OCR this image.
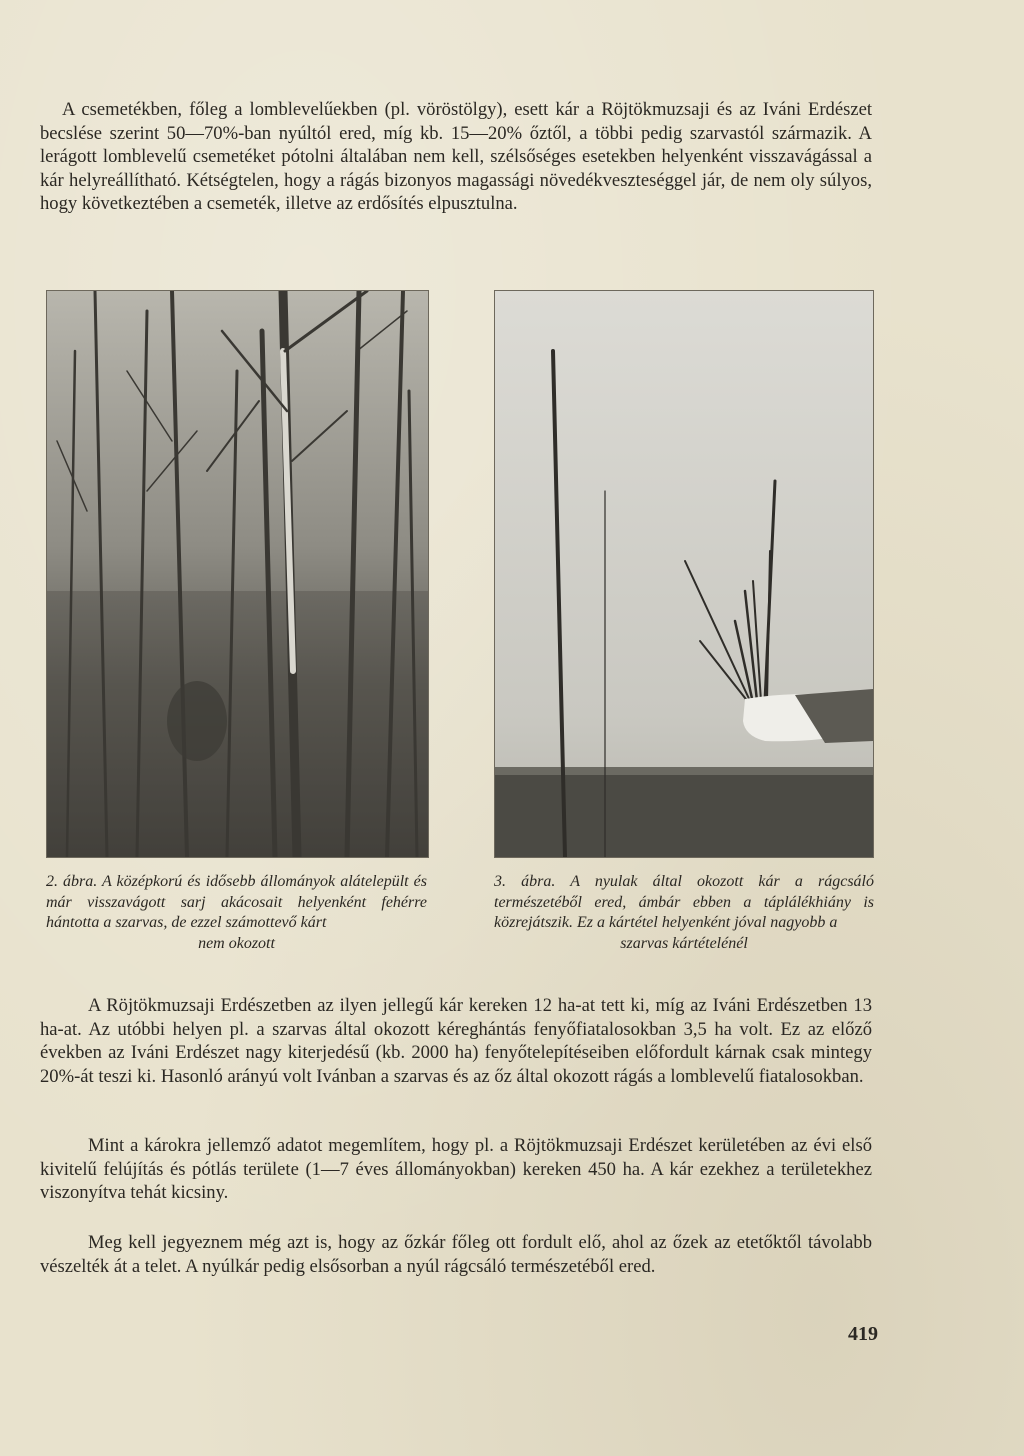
A csemetékben, főleg a lomblevelűekben (pl. vöröstölgy), esett kár a Röjtökmuzsaji és az Iváni Erdészet becslése szerint 50—70%-ban nyúltól ered, míg kb. 15—20% őztől, a többi pedig szarvastól származik. A lerágott lomblevelű csemetéket pótolni általában nem kell, szélsőséges esetekben helyenként visszavágással a kár helyreállítható. Kétségtelen, hogy a rágás bizonyos magassági növedékveszteséggel jár, de nem oly súlyos, hogy következtében a csemeték, illetve az erdősítés elpusztulna.

2. ábra. A középkorú és idősebb állományok alátelepült és már visszavágott sarj akácosait helyenként fehérre hántotta a szarvas, de ezzel számottevő kárt
nem okozott

3. ábra. A nyulak által okozott kár a rágcsáló természetéből ered, ámbár ebben a táplálékhiány is közrejátszik. Ez a kártétel helyenként jóval nagyobb a
szarvas kártételénél

A Röjtökmuzsaji Erdészetben az ilyen jellegű kár kereken 12 ha-at tett ki, míg az Iváni Erdészetben 13 ha-at. Az utóbbi helyen pl. a szarvas által okozott kéreghántás fenyőfiatalosokban 3,5 ha volt. Ez az előző években az Iváni Erdészet nagy kiterjedésű (kb. 2000 ha) fenyőtelepítéseiben előfordult kárnak csak mintegy 20%-át teszi ki. Hasonló arányú volt Ivánban a szarvas és az őz által okozott rágás a lomblevelű fiatalosokban.

Mint a károkra jellemző adatot megemlítem, hogy pl. a Röjtökmuzsaji Erdészet kerületében az évi első kivitelű felújítás és pótlás területe (1—7 éves állományokban) kereken 450 ha. A kár ezekhez a területekhez viszonyítva tehát kicsiny.

Meg kell jegyeznem még azt is, hogy az őzkár főleg ott fordult elő, ahol az őzek az etetőktől távolabb vészelték át a telet. A nyúlkár pedig elsősorban a nyúl rágcsáló természetéből ered.

419
